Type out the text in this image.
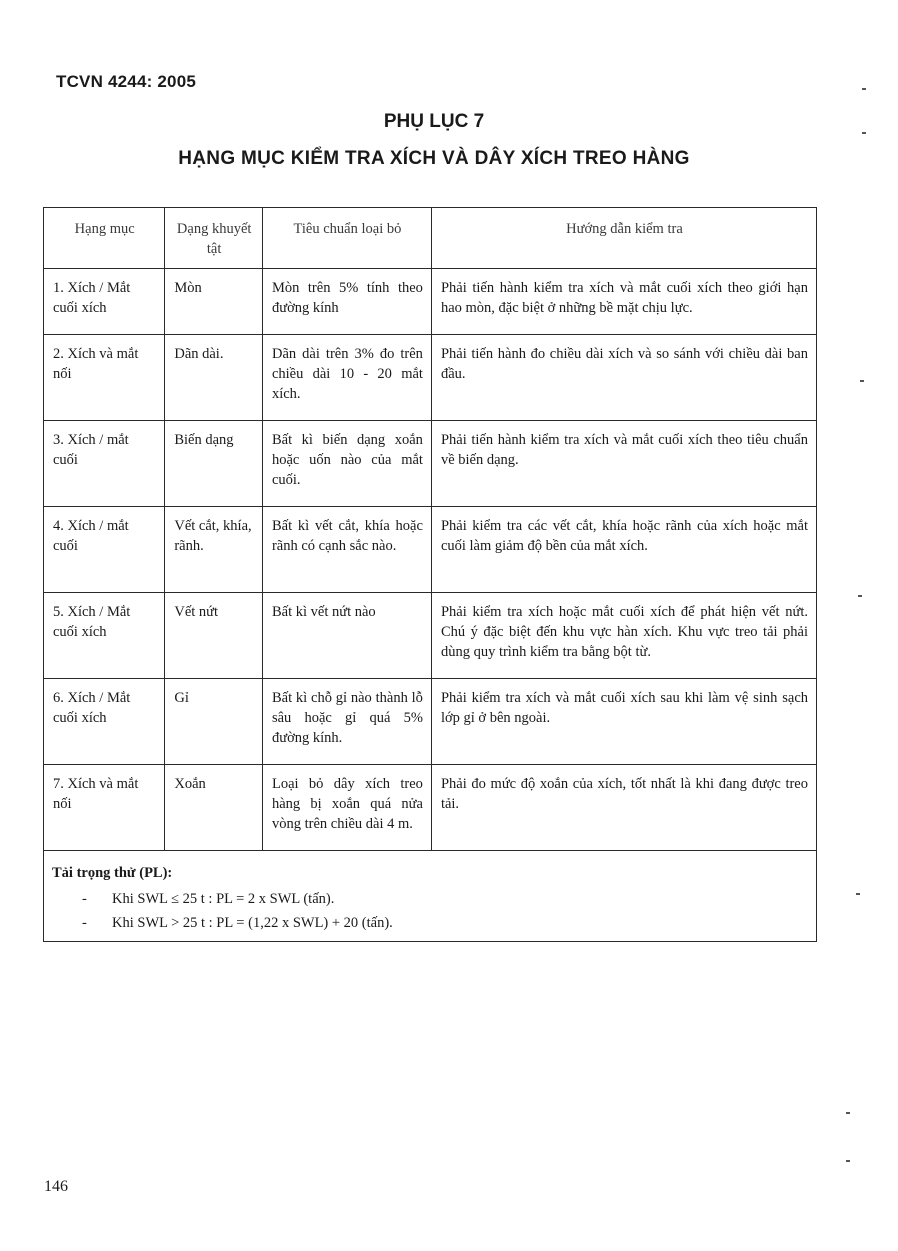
TCVN 4244: 2005
PHỤ LỤC 7
HẠNG MỤC KIỂM TRA XÍCH VÀ DÂY XÍCH TREO HÀNG
Hạng mục	Dạng khuyết tật	Tiêu chuẩn loại bỏ	Hướng dẫn kiểm tra
1. Xích / Mắt cuối xích	Mòn	Mòn trên 5% tính theo đường kính	Phải tiến hành kiểm tra xích và mắt cuối xích theo giới hạn hao mòn, đặc biệt ở những bề mặt chịu lực.
2. Xích và mắt nối	Dãn dài.	Dãn dài trên 3% đo trên chiều dài 10 - 20 mắt xích.	Phải tiến hành đo chiều dài xích và so sánh với chiều dài ban đầu.
3. Xích / mắt cuối	Biến dạng	Bất kì biến dạng xoắn hoặc uốn nào của mắt cuối.	Phải tiến hành kiểm tra xích và mắt cuối xích theo tiêu chuẩn về biến dạng.
4. Xích / mắt cuối	Vết cắt, khía, rãnh.	Bất kì vết cắt, khía hoặc rãnh có cạnh sắc nào.	Phải kiểm tra các vết cắt, khía hoặc rãnh của xích hoặc mắt cuối làm giảm độ bền của mắt xích.
5. Xích / Mắt cuối xích	Vết nứt	Bất kì vết nứt nào	Phải kiểm tra xích hoặc mắt cuối xích để phát hiện vết nứt. Chú ý đặc biệt đến khu vực hàn xích. Khu vực treo tải phải dùng quy trình kiểm tra bằng bột từ.
6. Xích / Mắt cuối xích	Gỉ	Bất kì chỗ gỉ nào thành lỗ sâu hoặc gỉ quá 5% đường kính.	Phải kiểm tra xích và mắt cuối xích sau khi làm vệ sinh sạch lớp gỉ ở bên ngoài.
7. Xích và mắt nối	Xoắn	Loại bỏ dây xích treo hàng bị xoắn quá nửa vòng trên chiều dài 4 m.	Phải đo mức độ xoắn của xích, tốt nhất là khi đang được treo tải.

Tải trọng thử (PL):
- Khi SWL ≤ 25 t : PL = 2 x SWL (tấn).
- Khi SWL > 25 t : PL = (1,22 x SWL) + 20 (tấn).			
146
